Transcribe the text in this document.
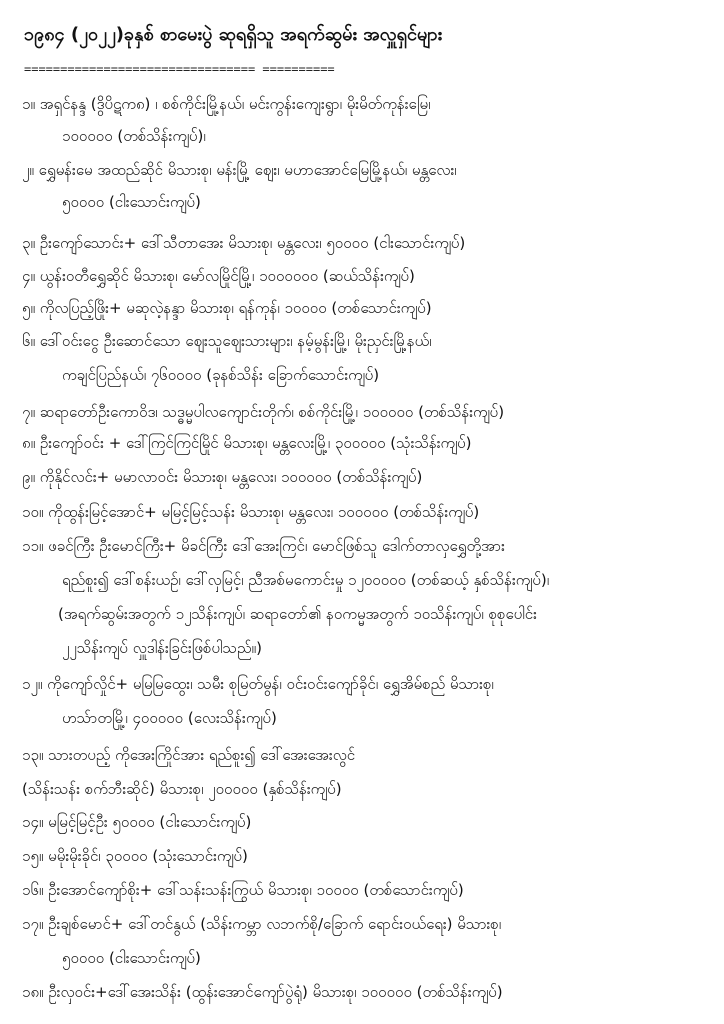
၁၉၈၄ (၂၀၂၂)ခုနှစ် စာမေးပွဲ ဆုရရှိသူ အရက်ဆွမ်း အလှူရှင်များ
================================ ==========
၁။ အရှင်နန္ဒ (ဒွိပိဋက၈) ၊ စစ်ကိုင်းမြို့နယ်၊ မင်းကွန်းကျေးရွာ၊ မိုးမိတ်ကုန်းမြေ၊
၁၀၀၀၀၀ (တစ်သိန်းကျပ်)၊
၂။ ရွှေမန်းမေ အထည်ဆိုင် မိသားစု၊ မန်းမြို့ ဈေး၊ မဟာအောင်မြေမြို့နယ်၊ မန္တလေး၊
၅၀၀၀၀ (ငါးသောင်းကျပ်)
၃။ ဦးကျော်သောင်း+ ဒေါ်သီတာအေး မိသားစု၊ မန္တလေး၊ ၅၀၀၀၀ (ငါးသောင်းကျပ်)
၄။ ယွန်းဝတီရွှေဆိုင် မိသားစု၊ မော်လမြိုင်မြို့၊ ၁၀၀၀၀၀၀ (ဆယ်သိန်းကျပ်)
၅။ ကိုလပြည့်ဖြိုး+ မဆုလဲ့နန္ဒာ မိသားစု၊ ရန်ကုန်၊ ၁၀၀၀၀ (တစ်သောင်းကျပ်)
၆။ ဒေါ်ဝင်းငွေ ဦးဆောင်သော ဈေးသူဈေးသားများ၊ နမ့်မွန်းမြို့၊ မိုးညှင်းမြို့နယ်၊
ကချင်ပြည်နယ်၊ ၇၆၀၀၀၀ (ခုနစ်သိန်း ခြောက်သောင်းကျပ်)
၇။ ဆရာတော်ဦးကောဝိဒ၊ သဒ္ဓမ္မပါလကျောင်းတိုက်၊ စစ်ကိုင်းမြို့၊ ၁၀၀၀၀၀ (တစ်သိန်းကျပ်)
၈။ ဦးကျော်ဝင်း + ဒေါ်ကြင်ကြင်မြိုင် မိသားစု၊ မန္တလေးမြို့၊ ၃၀၀၀၀၀ (သုံးသိန်းကျပ်)
၉။ ကိုနိုင်လင်း+ မမာလာဝင်း မိသားစု၊ မန္တလေး၊ ၁၀၀၀၀၀ (တစ်သိန်းကျပ်)
၁၀။ ကိုထွန်းမြင့်အောင်+ မမြင့်မြင့်သန်း မိသားစု၊ မန္တလေး၊ ၁၀၀၀၀၀ (တစ်သိန်းကျပ်)
၁၁။ ဖခင်ကြီး ဦးမောင်ကြီး+ မိခင်ကြီး ဒေါ်အေးကြင်၊ မောင်ဖြစ်သူ ဒေါက်တာလှရွှေတို့အား
ရည်စူး၍ ဒေါ်စန်းယဉ်၊ ဒေါ်လှမြင့်၊ ညီအစ်မကောင်းမှု ၁၂၀၀၀၀၀ (တစ်ဆယ့် နှစ်သိန်းကျပ်)၊
(အရက်ဆွမ်းအတွက် ၁၂သိန်းကျပ်၊ ဆရာတော်၏ နဝကမ္မအတွက် ၁၀သိန်းကျပ်၊ စုစုပေါင်း
၂၂သိန်းကျပ် လှူဒါန်းခြင်းဖြစ်ပါသည်။)
၁၂။ ကိုကျော်လှိုင်+ မမြမြထွေး၊ သမီး စုမြတ်မွန်၊ ဝင်းဝင်းကျော်ခိုင်၊ ရွှေအိမ်စည် မိသားစု၊
ဟသ်ာတမြို့၊ ၄၀၀၀၀၀ (လေးသိန်းကျပ်)
၁၃။ သားတပည့် ကိုအေးကြိုင်အား ရည်စူး၍ ဒေါ်အေးအေးလွင်
(သိန်းသန်း စက်ဘီးဆိုင်) မိသားစု၊ ၂၀၀၀၀၀ (နှစ်သိန်းကျပ်)
၁၄။ မမြင့်မြင့်ဦး ၅၀၀၀၀ (ငါးသောင်းကျပ်)
၁၅။ မမိုးမိုးခိုင်၊ ၃၀၀၀၀ (သုံးသောင်းကျပ်)
၁၆။ ဦးအောင်ကျော်စိုး+ ဒေါ်သန်းသန်းကြွယ် မိသားစု၊ ၁၀၀၀၀ (တစ်သောင်းကျပ်)
၁၇။ ဦးချစ်မောင်+ ဒေါ်တင်နွယ် (သိန်းကမ္ဘာ လဘက်စို/ခြောက် ရောင်းဝယ်ရေး) မိသားစု၊
၅၀၀၀၀ (ငါးသောင်းကျပ်)
၁၈။ ဦးလှဝင်း+ဒေါ်အေးသိန်း (ထွန်းအောင်ကျော်ပွဲရုံ) မိသားစု၊ ၁၀၀၀၀၀ (တစ်သိန်းကျပ်)
